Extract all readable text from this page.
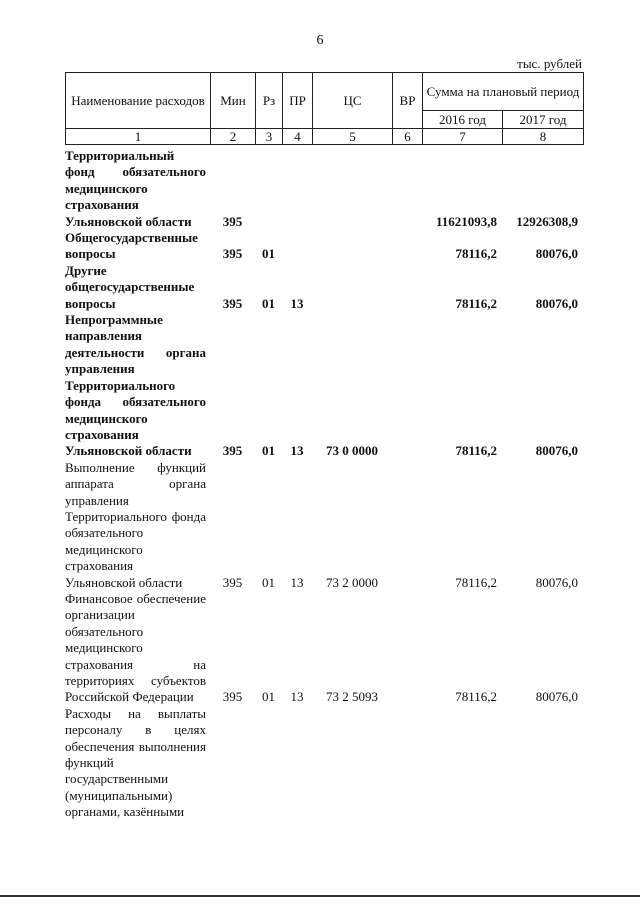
6
тыс. рублей
Наименование расходов	Мин	Рз	ПР	ЦС	ВР	Сумма на плановый период	
						2016 год	2017 год
1	2	3	4	5	6	7	8
Территориальный фонд обязательного медицинского страхования Ульяновской области	395					11621093,8	12926308,9
Общегосударственные вопросы	395	01				78116,2	80076,0
Другие общегосударственные вопросы	395	01	13			78116,2	80076,0
Непрограммные направления деятельности органа управления Территориального фонда обязательного медицинского страхования Ульяновской области	395	01	13	73 0 0000		78116,2	80076,0
Выполнение функций аппарата органа управления Территориального фонда обязательного медицинского страхования Ульяновской области	395	01	13	73 2 0000		78116,2	80076,0
Финансовое обеспечение организации обязательного медицинского страхования на территориях субъектов Российской Федерации	395	01	13	73 2 5093		78116,2	80076,0
Расходы на выплаты персоналу в целях обеспечения выполнения функций государственными (муниципальными) органами, казёнными							
